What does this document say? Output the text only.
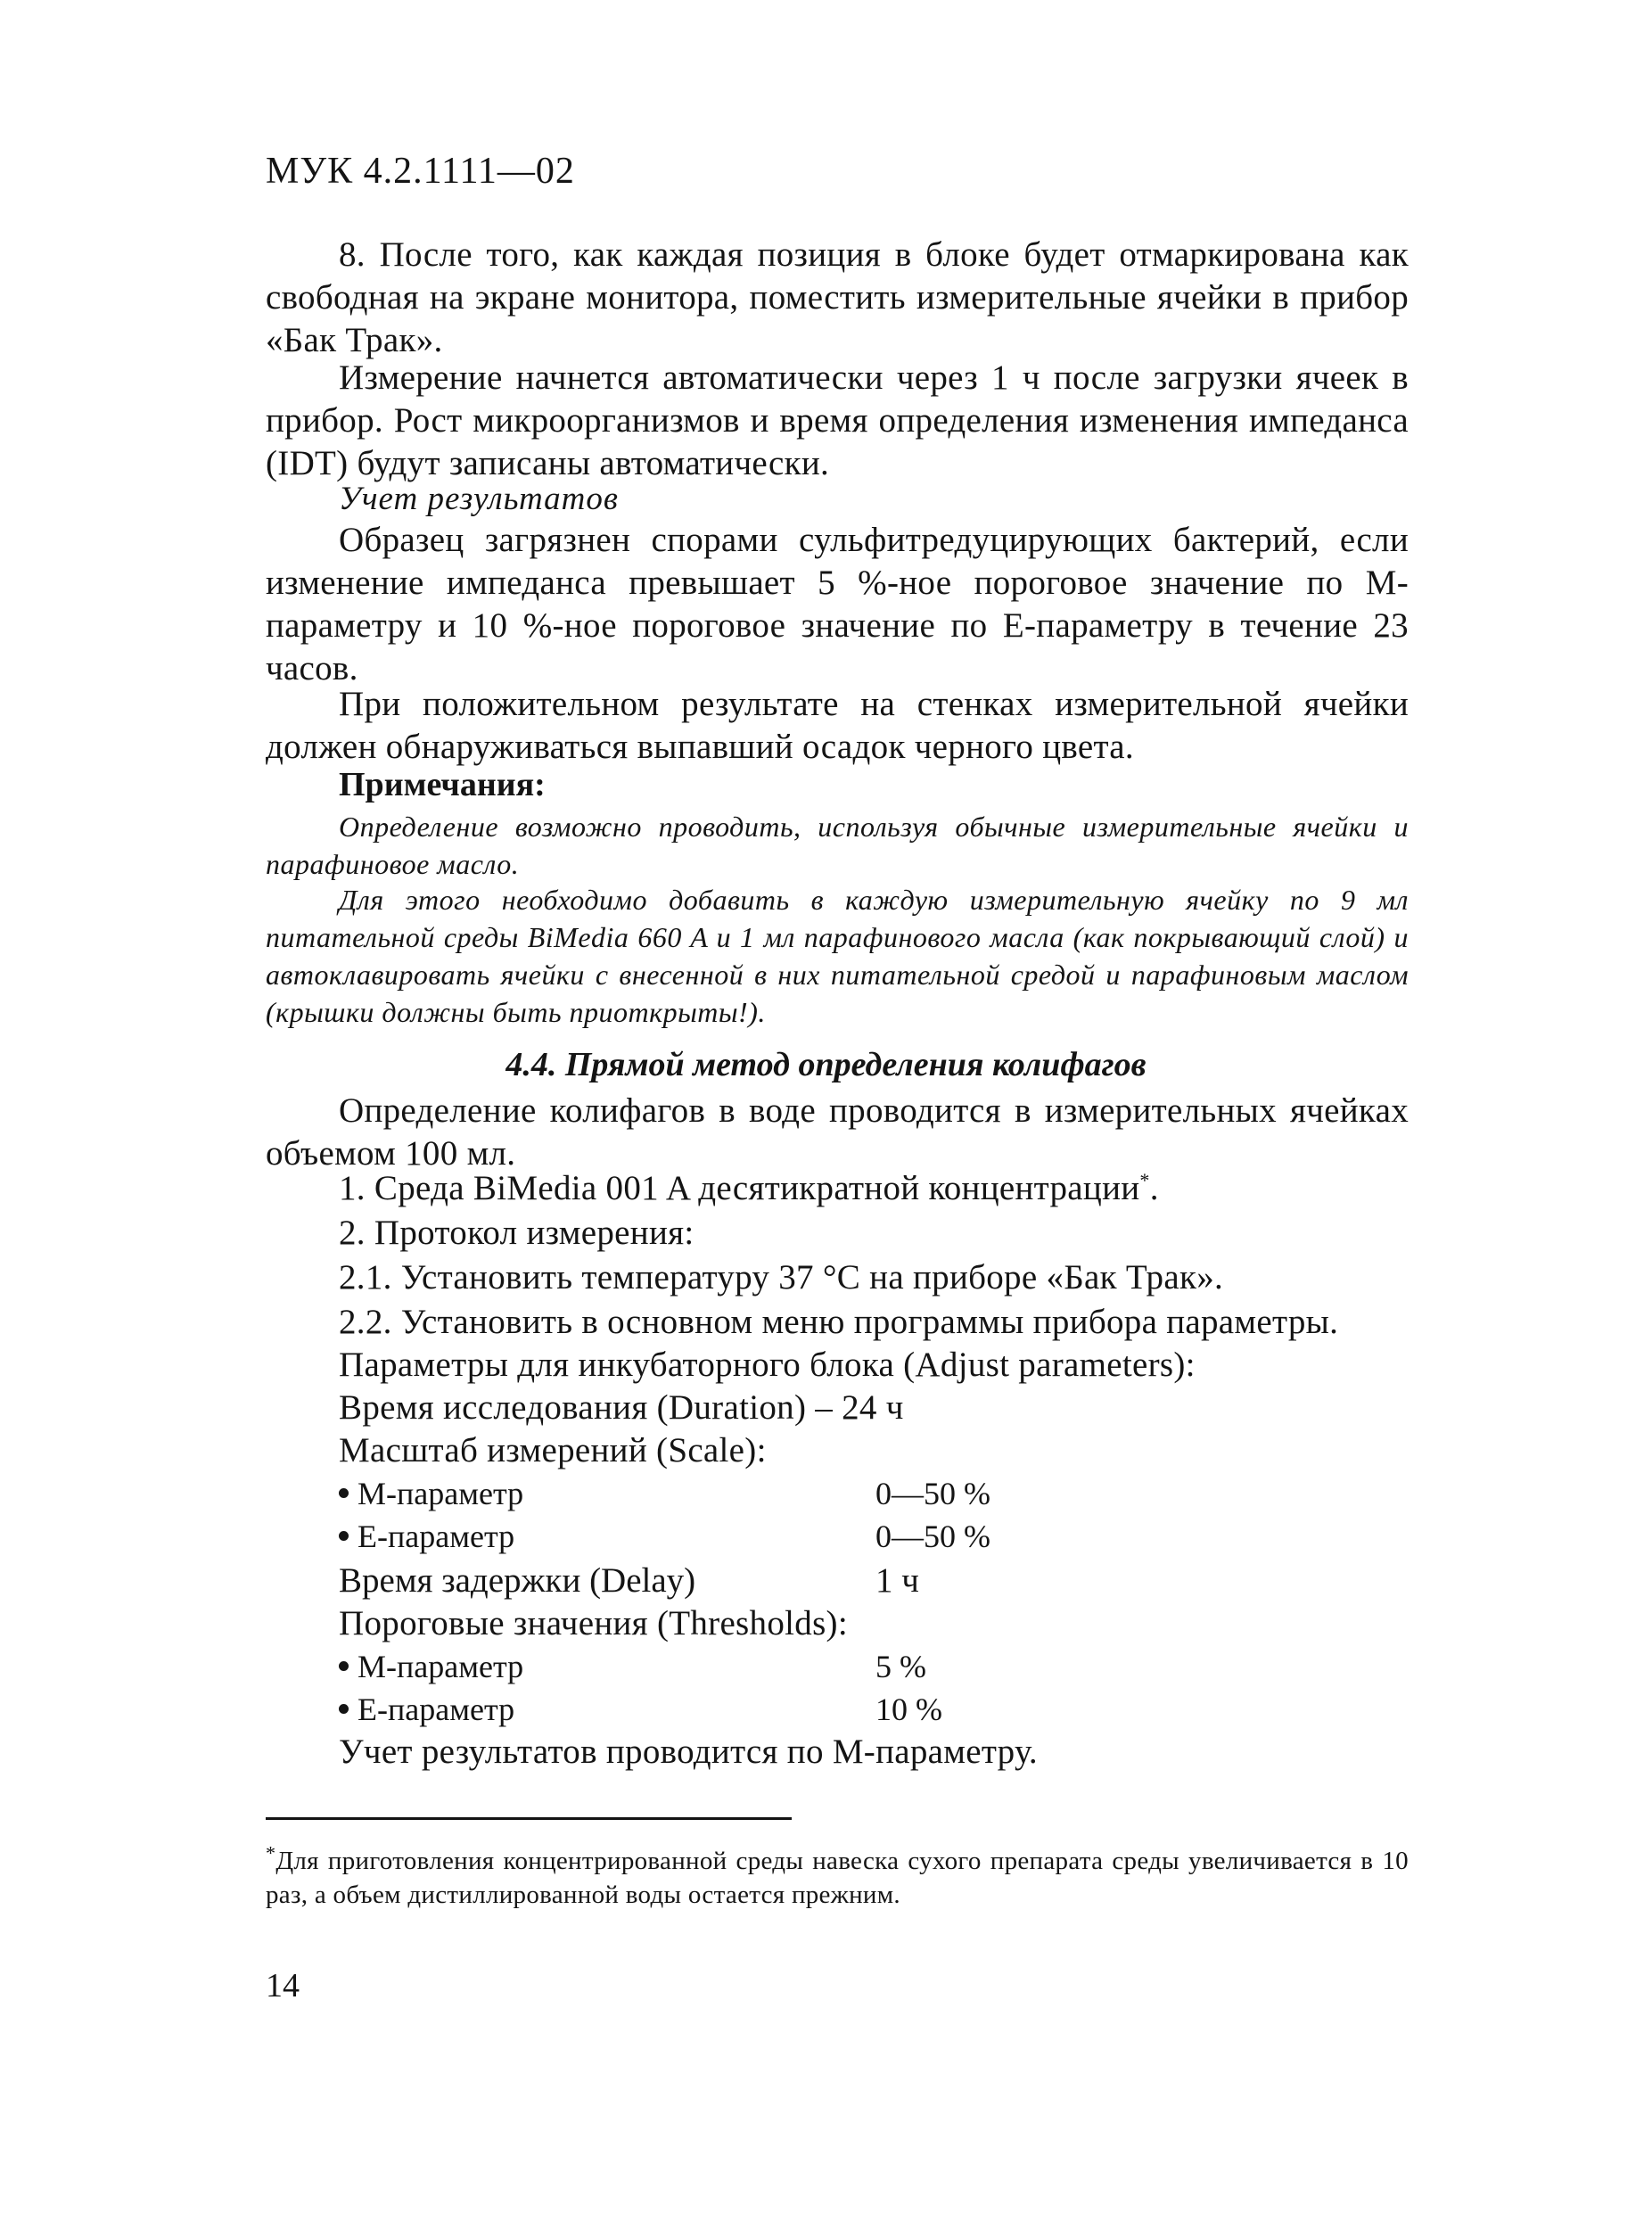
МУК 4.2.1111—02
8. После того, как каждая позиция в блоке будет отмаркирована как свободная на экране монитора, поместить измерительные ячейки в прибор «Бак Трак».
Измерение начнется автоматически через 1 ч после загрузки ячеек в прибор. Рост микроорганизмов и время определения изменения импеданса (IDT) будут записаны автоматически.
Учет результатов
Образец загрязнен спорами сульфитредуцирующих бактерий, если изменение импеданса превышает 5 %-ное пороговое значение по М-параметру и 10 %-ное пороговое значение по Е-параметру в течение 23 часов.
При положительном результате на стенках измерительной ячейки должен обнаруживаться выпавший осадок черного цвета.
Примечания:
Определение возможно проводить, используя обычные измерительные ячейки и парафиновое масло.
Для этого необходимо добавить в каждую измерительную ячейку по 9 мл питательной среды BiMedia 660 A и 1 мл парафинового масла (как покрывающий слой) и автоклавировать ячейки с внесенной в них питательной средой и парафиновым маслом (крышки должны быть приоткрыты!).
4.4. Прямой метод определения колифагов
Определение колифагов в воде проводится в измерительных ячейках объемом 100 мл.
1. Среда BiMedia 001 A десятикратной концентрации*.
2. Протокол измерения:
2.1. Установить температуру 37 °С на приборе «Бак Трак».
2.2. Установить в основном меню программы прибора параметры.
Параметры для инкубаторного блока (Adjust parameters):
Время исследования (Duration) – 24 ч
Масштаб измерений (Scale):
М-параметр	0—50 %
Е-параметр	0—50 %
Время задержки (Delay)	1 ч
Пороговые значения (Thresholds):
М-параметр	5 %
Е-параметр	10 %
Учет результатов проводится по М-параметру.
*Для приготовления концентрированной среды навеска сухого препарата среды увеличивается в 10 раз, а объем дистиллированной воды остается прежним.
14
